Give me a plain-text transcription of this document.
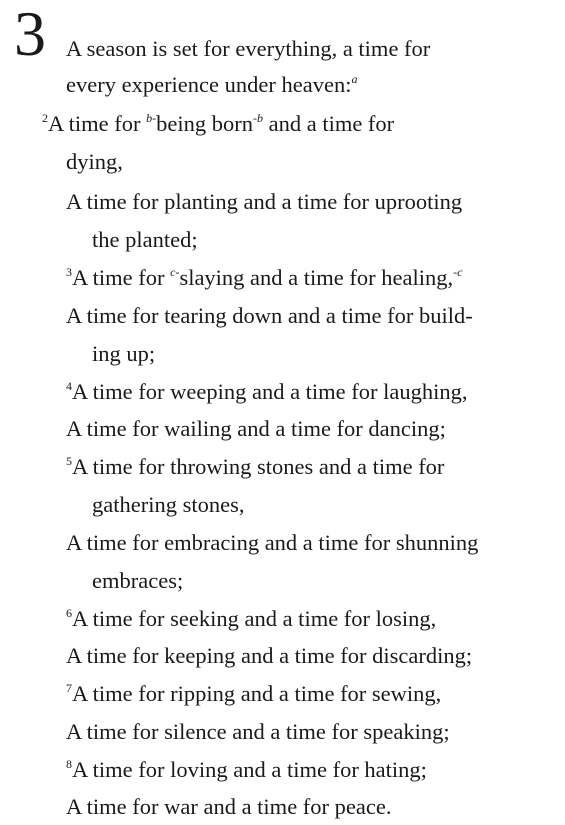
3 A season is set for everything, a time for
every experience under heaven:$^a$
$^2$A time for $^{b-}$being born$^{-b}$ and a time for
dying,
A time for planting and a time for uprooting
the planted;
$^3$A time for $^{c-}$slaying and a time for healing,$^{-c}$
A time for tearing down and a time for build-
ing up;
$^4$A time for weeping and a time for laughing,
A time for wailing and a time for dancing;
$^5$A time for throwing stones and a time for
gathering stones,
A time for embracing and a time for shunning
embraces;
$^6$A time for seeking and a time for losing,
A time for keeping and a time for discarding;
$^7$A time for ripping and a time for sewing,
A time for silence and a time for speaking;
$^8$A time for loving and a time for hating;
A time for war and a time for peace.
